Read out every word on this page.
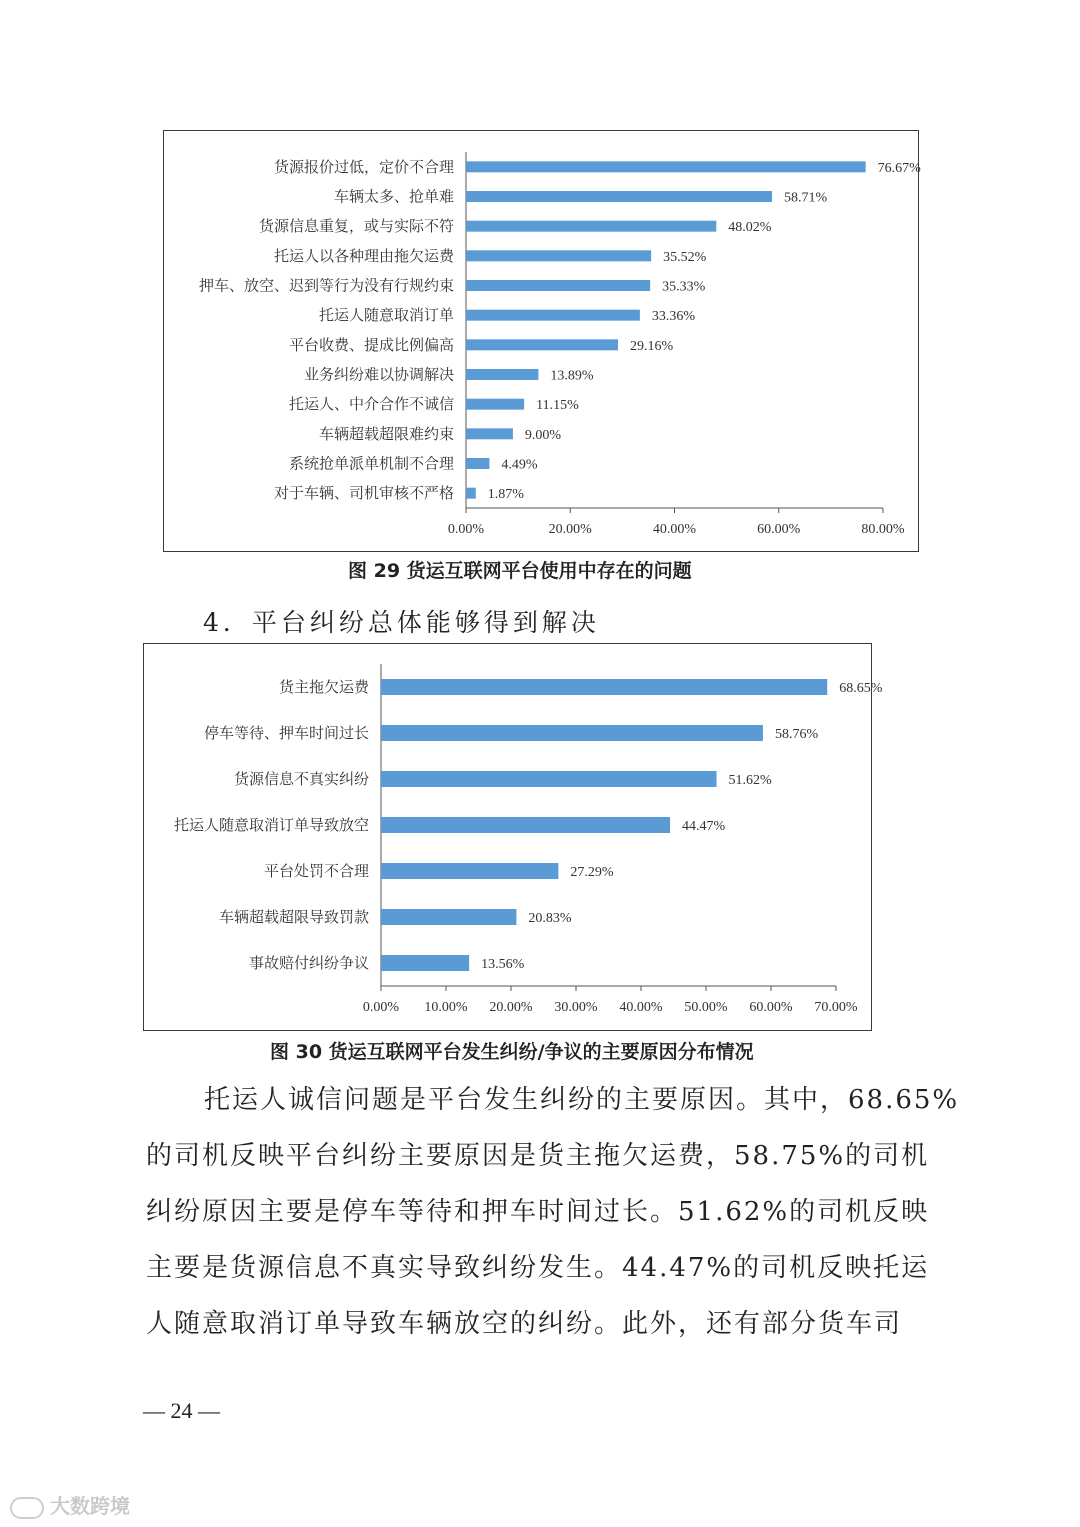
货源报价过低，定价不合理	76.67%
车辆太多、抢单难	58.71%
货源信息重复，或与实际不符	48.02%
托运人以各种理由拖欠运费	35.52%
押车、放空、迟到等行为没有行规约束	35.33%
托运人随意取消订单	33.36%
平台收费、提成比例偏高	29.16%
业务纠纷难以协调解决	13.89%
托运人、中介合作不诚信	11.15%
车辆超载超限难约束	9.00%
系统抢单派单机制不合理	4.49%
对于车辆、司机审核不严格 1.87%
0.00%	20.00%	40.00%	60.00%	80.00%
图 29 货运互联网平台使用中存在的问题
4．平台纠纷总体能够得到解决
货主拖欠运费	68.65%
停车等待、押车时间过长	58.76%
货源信息不真实纠纷	51.62%
托运人随意取消订单导致放空	44.47%
平台处罚不合理	27.29%
车辆超载超限导致罚款	20.83%
事故赔付纠纷争议	13.56%
0.00% 10.00% 20.00% 30.00% 40.00% 50.00% 60.00% 70.00%
图 30 货运互联网平台发生纠纷/争议的主要原因分布情况
托运人诚信问题是平台发生纠纷的主要原因。其中，68.65%
的司机反映平台纠纷主要原因是货主拖欠运费，58.75%的司机
纠纷原因主要是停车等待和押车时间过长。51.62%的司机反映
主要是货源信息不真实导致纠纷发生。44.47%的司机反映托运
人随意取消订单导致车辆放空的纠纷。此外，还有部分货车司
— 24 —
大数跨境
